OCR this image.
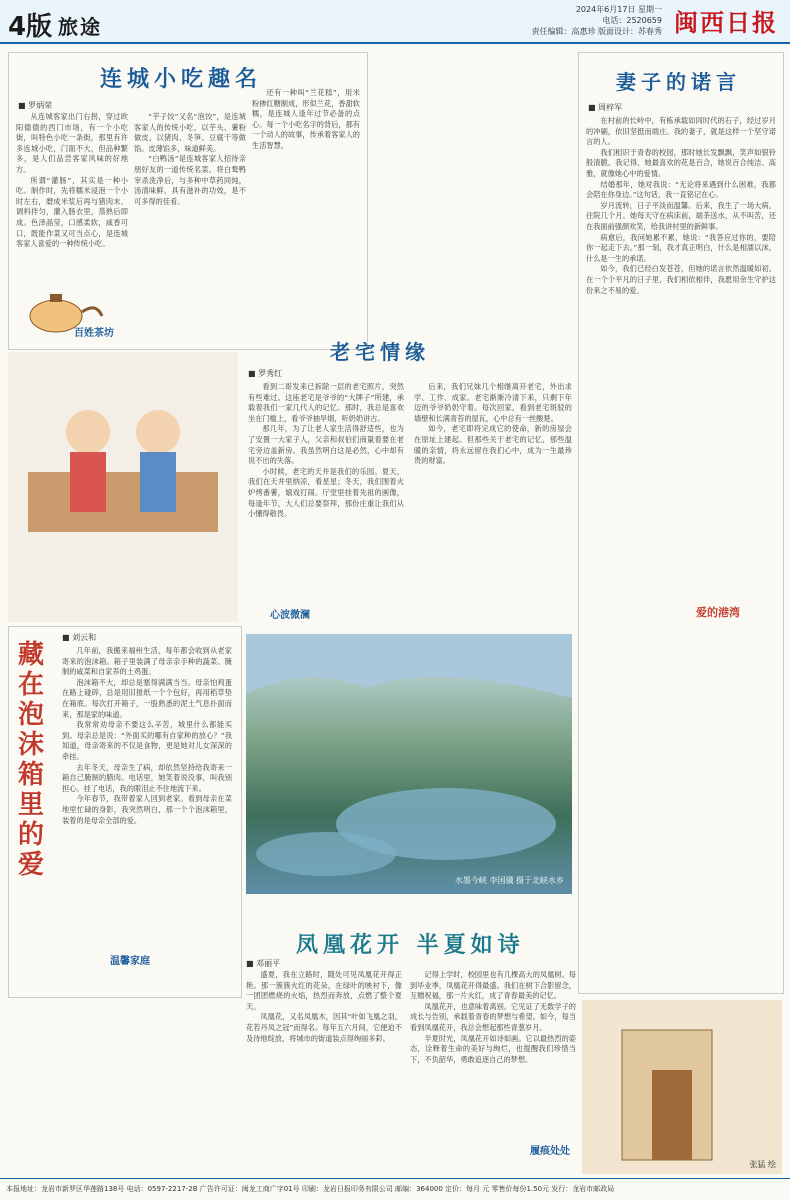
4版 旅途
2024年6月17日 星期一
电话：2520659
责任编辑：高惠珍 版面设计：苏春秀 闽西日报
连城小吃趣名
■ 罗炳荣

从连城客家出门右拐，穿过欧阳德德的西门市场，有一个小吃街，叫特色小吃一条街，那里有许多连城小吃，门面不大，但品种繁多，是人们品尝客家风味的好地方。

所谓“灌肠”，其实是一种小吃。制作时，先将糯米浸泡一个小时左右，磨成米浆后再与猪肉末、调料拌匀，灌入肠衣里，蒸熟后即成。色泽晶莹，口感柔软，咸香可口，既能作菜又可当点心，是连城客家人喜爱的一种传统小吃。

“芋子饺”又名“泡饺”，是连城客家人的传统小吃，以芋头、薯粉做皮，以猪肉、冬笋、豆腐干等做馅。皮薄馅多，味道鲜美。

“白鸭汤”是连城客家人招待亲朋好友的一道传统名菜。将白鹜鸭宰杀洗净后，与多种中草药同炖，汤清味鲜，具有滋补的功效，是不可多得的佳肴。

还有一种叫“兰花糕”，用米粉掺红糖制成，形似兰花，香甜软糯，是连城人逢年过节必备的点心。每一个小吃名字的背后，都有一个动人的故事，传承着客家人的生活智慧。

百姓茶坊
妻子的诺言
■ 周梓军

在村前的长岭中，有栋承载如同时代的石子，经过岁月的冲刷，依旧坚挺而端庄。我的妻子，就是这样一个坚守诺言的人。

我们相识于青春的校园，那时她长发飘飘，笑声如银铃般清脆。我记得，她最喜欢的花是百合，她说百合纯洁、高雅，就像她心中的爱情。

结婚那年，她对我说：“无论将来遇到什么困难，我都会陪在你身边。”这句话，我一直铭记在心。

岁月流转，日子平淡而温馨。后来，我生了一场大病，住院几个月。她每天守在病床前，端茶送水，从不叫苦，还在我面前强颜欢笑，给我讲村里的新鲜事。

病愈后，我问她累不累，她说：“我答应过你的，要陪你一起走下去。”那一刻，我才真正明白，什么是相濡以沫，什么是一生的承诺。

如今，我们已经白发苍苍，但她的诺言依然温暖如初。在一个个平凡的日子里，我们相依相伴，我愿用余生守护这份来之不易的爱。

爱的港湾
老宅情缘
■ 罗秀红

看到二哥发来已拆除一层的老宅照片，突然有些难过。这座老宅是爷爷的“大牌子”所建，承载着我们一家几代人的记忆。那时，我总是喜欢坐在门槛上，看爷爷抽旱烟，听奶奶讲古。

那几年，为了让老人家生活得舒适些，也为了安置一大家子人，父亲和叔伯们商量着要在老宅旁边盖新房。我虽然明白这是必然，心中却有说不出的失落。

小时候，老宅的天井是我们的乐园。夏天，我们在天井里纳凉，看星星；冬天，我们围着火炉烤番薯，嬉戏打闹。厅堂里挂着先祖的画像，每逢年节，大人们总要祭拜，那份庄重让我们从小懂得敬畏。

后来，我们兄妹几个相继离开老宅，外出求学、工作、成家。老宅渐渐冷清下来，只剩下年迈的爷爷奶奶守着。每次回家，看到老宅斑驳的墙壁和长满青苔的屋瓦，心中总有一丝酸楚。

如今，老宅即将完成它的使命，新的房屋会在原址上建起。但那些关于老宅的记忆，那些温暖的亲情，将永远留在我们心中，成为一生最珍贵的财富。

心波微澜
藏在泡沫箱里的爱
■ 刘云和

几年前，我搬来福州生活，每年都会收到从老家寄来的泡沫箱。箱子里装满了母亲亲手种的蔬菜、腌制的咸菜和自家养的土鸡蛋。

泡沫箱不大，却总是塞得满满当当。母亲怕鸡蛋在路上碰碎，总是用旧报纸一个个包好，再用稻草垫在箱底。每次打开箱子，一股熟悉的泥土气息扑面而来，那是家的味道。

我常常劝母亲不要这么辛苦，城里什么都能买到。母亲总是说：“外面买的哪有自家种的放心？”我知道，母亲寄来的不仅是食物，更是她对儿女深深的牵挂。

去年冬天，母亲生了病，却依然坚持给我寄来一箱自己腌制的腊肉。电话里，她笑着说没事，叫我别担心。挂了电话，我的眼泪止不住地流下来。

今年春节，我带着家人回到老家。看到母亲在菜地里忙碌的身影，我突然明白，那一个个泡沫箱里，装着的是母亲全部的爱。

温馨家庭
水墨今峡 李国骥 摄于北峡水乡
凤凰花开 半夏如诗
■ 邓丽平

盛夏，我在立路时，随处可见凤凰花开得正艳。那一簇簇火红的花朵，在绿叶的映衬下，像一团团燃烧的火焰，热烈而奔放，点燃了整个夏天。

凤凰花，又名凤凰木，因其“叶如飞凰之羽，花若丹凤之冠”而得名。每年五六月间，它便迫不及待地绽放，将城市的街道装点得绚丽多彩。

记得上学时，校园里也有几棵高大的凤凰树。每到毕业季，凤凰花开得最盛。我们在树下合影留念，互赠祝福，那一片火红，成了青春最美的记忆。

凤凰花开，也意味着离别。它见证了无数学子的成长与告别，承载着青春的梦想与希望。如今，每当看到凤凰花开，我总会想起那些青葱岁月。

半夏时光，凤凰花开如诗如画。它以最热烈的姿态，诠释着生命的美好与绚烂，也提醒我们珍惜当下，不负韶华，勇敢追逐自己的梦想。

履痕处处
张猛 绘
本报地址：龙岩市新罗区华莲路138号 电话：0597-2217-2B 广告许可证：闽龙工商广字01号 印刷：龙岩日报印务有限公司 邮编：364000 定价：每月 元 零售价每份1.50元 发行：龙岩市邮政局
